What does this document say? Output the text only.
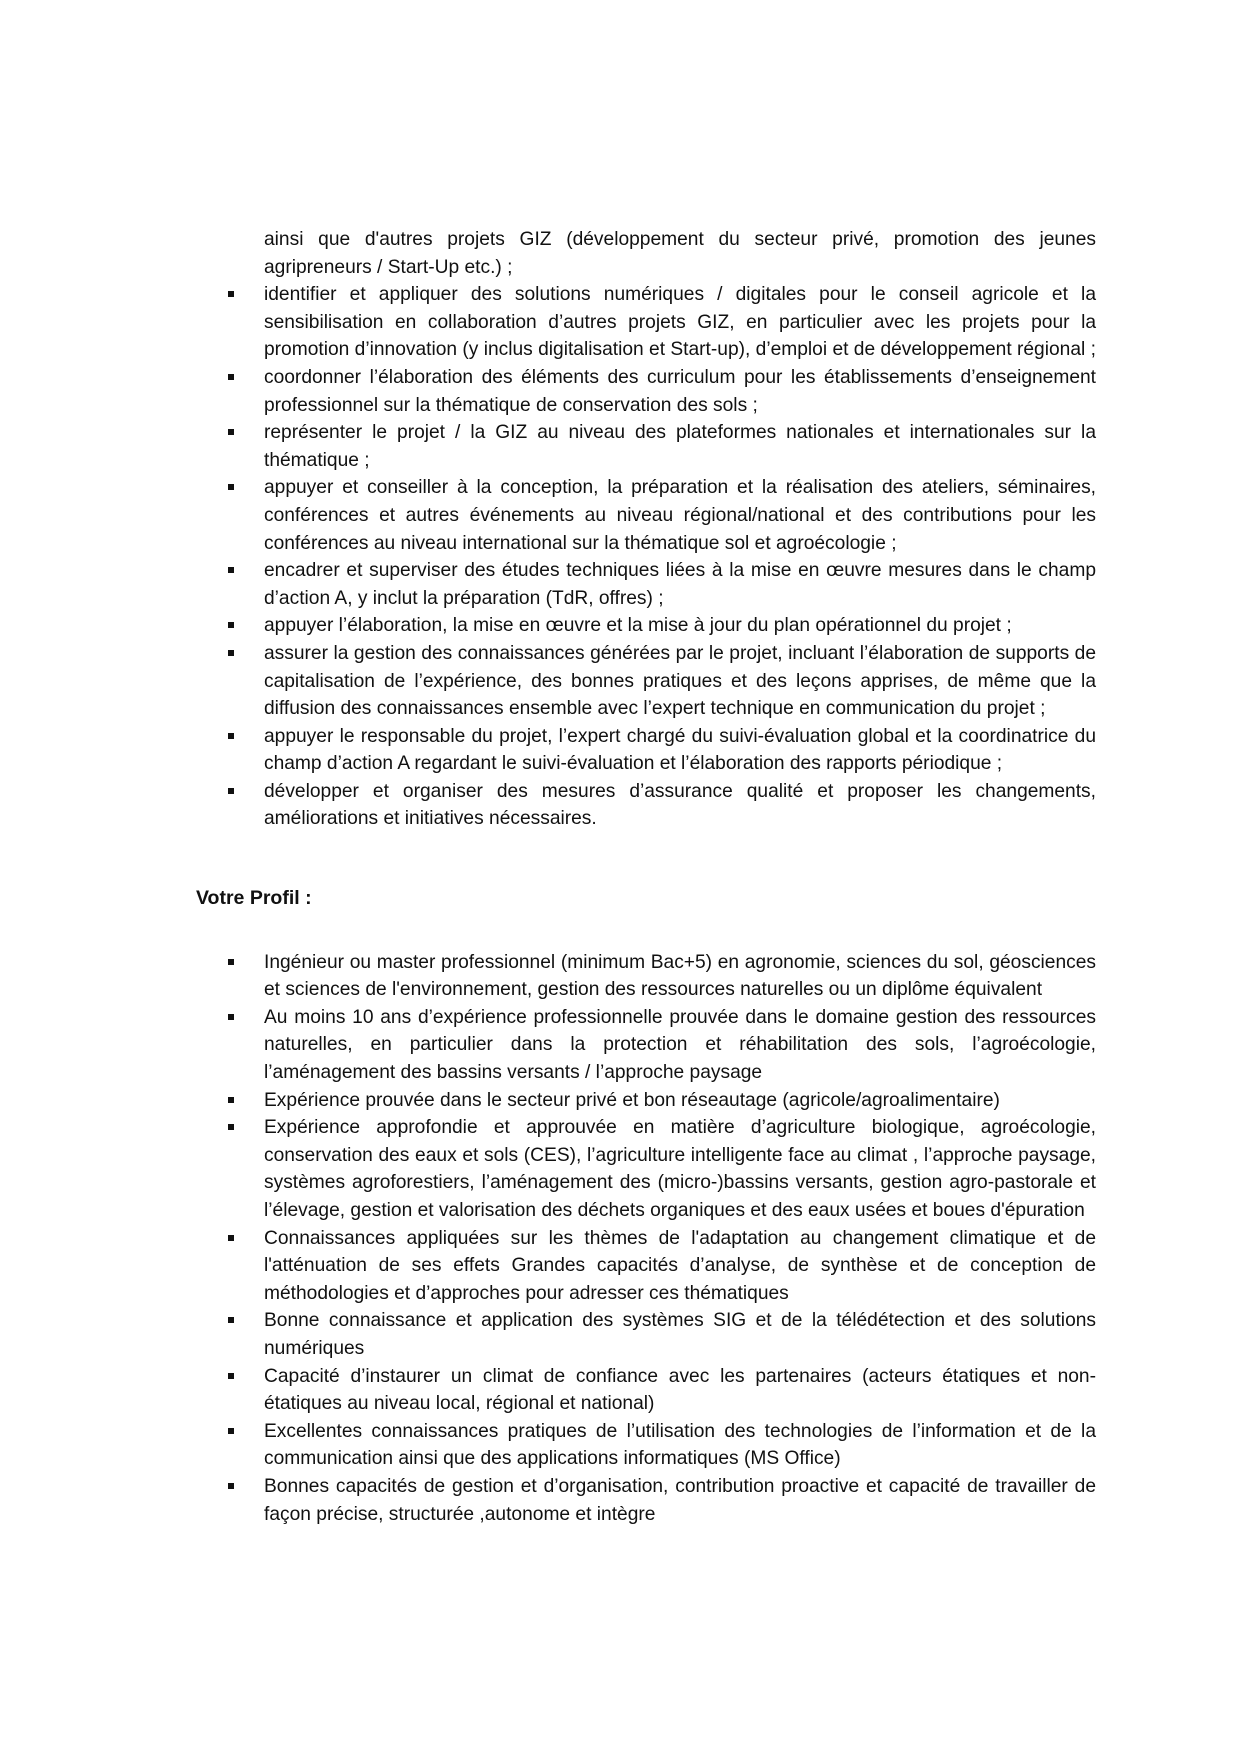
ainsi que d'autres projets GIZ (développement du secteur privé, promotion des jeunes agripreneurs / Start-Up etc.) ;

identifier et appliquer des solutions numériques / digitales pour le conseil agricole et la sensibilisation en collaboration d’autres projets GIZ, en particulier avec les projets pour la promotion d’innovation (y inclus digitalisation et Start-up), d’emploi et de développement régional ;
coordonner l’élaboration des éléments des curriculum pour les établissements d’enseignement professionnel sur la thématique de conservation des sols ;
représenter le projet / la GIZ au niveau des plateformes nationales et internationales sur la thématique ;
appuyer et conseiller à la conception, la préparation et la réalisation des ateliers, séminaires, conférences et autres événements au niveau régional/national et des contributions pour les conférences au niveau international sur la thématique sol et agroécologie ;
encadrer et superviser des études techniques liées à la mise en œuvre mesures dans le champ d’action A, y inclut la préparation (TdR, offres) ;
appuyer l’élaboration, la mise en œuvre et la mise à jour du plan opérationnel du projet ;
assurer la gestion des connaissances générées par le projet, incluant l’élaboration de supports de capitalisation de l’expérience, des bonnes pratiques et des leçons apprises, de même que la diffusion des connaissances ensemble avec l’expert technique en communication du projet ;
appuyer le responsable du projet, l’expert chargé du suivi-évaluation global et la coordinatrice du champ d’action A regardant le suivi-évaluation et l’élaboration des rapports périodique ;
développer et organiser des mesures d’assurance qualité et proposer les changements, améliorations et initiatives nécessaires.
Votre Profil :
Ingénieur ou master professionnel (minimum Bac+5) en agronomie, sciences du sol, géosciences et sciences de l'environnement, gestion des ressources naturelles ou un diplôme équivalent
Au moins 10 ans d’expérience professionnelle prouvée dans le domaine gestion des ressources naturelles, en particulier dans la protection et réhabilitation des sols, l’agroécologie, l’aménagement des bassins versants / l’approche paysage
Expérience prouvée dans le secteur privé et bon réseautage (agricole/agroalimentaire)
Expérience approfondie et approuvée en matière d’agriculture biologique, agroécologie, conservation des eaux et sols (CES), l’agriculture intelligente face au climat , l’approche paysage, systèmes agroforestiers, l’aménagement des (micro-)bassins versants, gestion agro-pastorale et l’élevage, gestion et valorisation des déchets organiques et des eaux usées et boues d'épuration
Connaissances appliquées sur les thèmes de l'adaptation au changement climatique et de l'atténuation de ses effets Grandes capacités d’analyse, de synthèse et de conception de méthodologies et d’approches pour adresser ces thématiques
Bonne connaissance et application des systèmes SIG et de la télédétection et des solutions numériques
Capacité d’instaurer un climat de confiance avec les partenaires (acteurs étatiques et non-étatiques au niveau local, régional et national)
Excellentes connaissances pratiques de l’utilisation des technologies de l’information et de la communication ainsi que des applications informatiques (MS Office)
Bonnes capacités de gestion et d’organisation, contribution proactive et capacité de travailler de façon précise, structurée ,autonome et intègre
